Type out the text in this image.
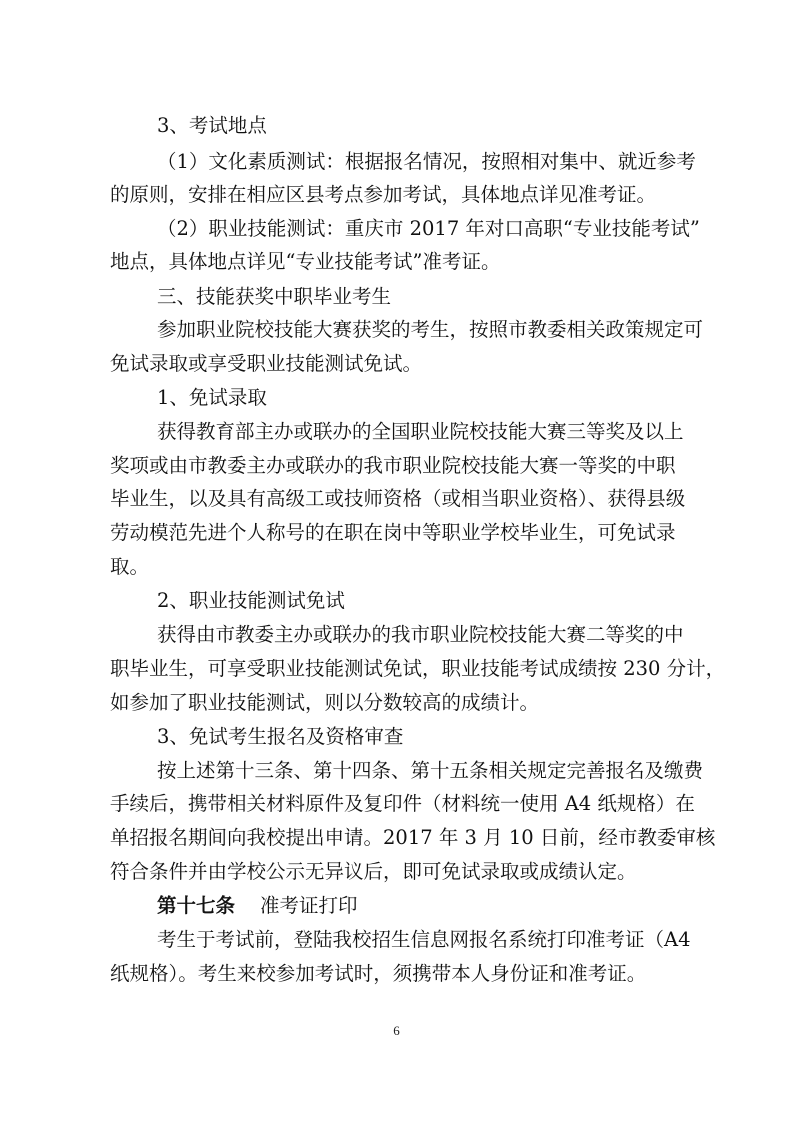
3、考试地点
（1）文化素质测试：根据报名情况，按照相对集中、就近参考
的原则，安排在相应区县考点参加考试，具体地点详见准考证。
（2）职业技能测试：重庆市 2017 年对口高职“专业技能考试”
地点，具体地点详见“专业技能考试”准考证。
三、技能获奖中职毕业考生
参加职业院校技能大赛获奖的考生，按照市教委相关政策规定可
免试录取或享受职业技能测试免试。
1、免试录取
获得教育部主办或联办的全国职业院校技能大赛三等奖及以上
奖项或由市教委主办或联办的我市职业院校技能大赛一等奖的中职
毕业生，以及具有高级工或技师资格（或相当职业资格）、获得县级
劳动模范先进个人称号的在职在岗中等职业学校毕业生，可免试录
取。
2、职业技能测试免试
获得由市教委主办或联办的我市职业院校技能大赛二等奖的中
职毕业生，可享受职业技能测试免试，职业技能考试成绩按 230 分计，
如参加了职业技能测试，则以分数较高的成绩计。
3、免试考生报名及资格审查
按上述第十三条、第十四条、第十五条相关规定完善报名及缴费
手续后，携带相关材料原件及复印件（材料统一使用 A4 纸规格）在
单招报名期间向我校提出申请。2017 年 3 月 10 日前，经市教委审核
符合条件并由学校公示无异议后，即可免试录取或成绩认定。
第十七条 准考证打印
考生于考试前，登陆我校招生信息网报名系统打印准考证（A4
纸规格）。考生来校参加考试时，须携带本人身份证和准考证。
6
